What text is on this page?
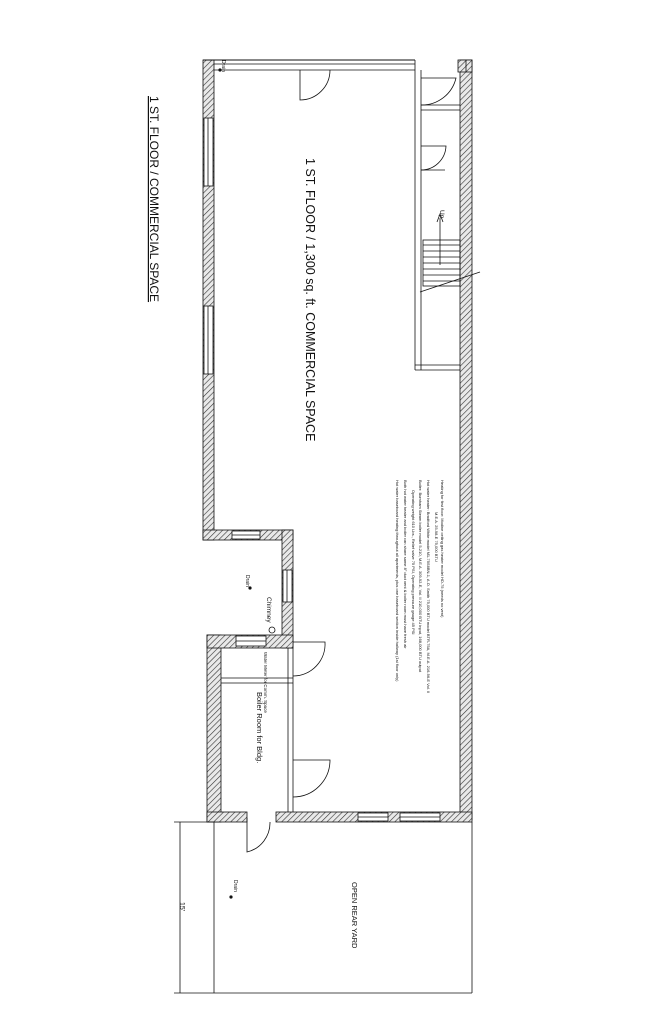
1 ST. FLOOR / COMMERCIAL SPACE	1 ST. FLOOR / 1,300 sq. ft. COMMERCIAL SPACE
Water Meter for Comm. Space
Boiler Room for Bldg.
OPEN REAR YARD
Drain
Drain
Drain
Chimney
Up
15'
Heating for first floor: Modine ceiling gas heater model HD-75 (needs no vent)
M.E.A. 25-98-E 75,000 BTU
Hot water heater: Bradford White model M1-75S6BN-1, A.O. Smith 75,000 BTU model BTR-75A, M.E.A. 216-96-E Vol. II
Boiler: Burnham Steam boiler model 5-210, M.E.A. 309-92-E, Vol. II 210,000 BTU input, 168,000 BTU output
Operating weight 610 Lbs., Relief valve 75 PSI, Operating pressure gauge 45 PSI
Both hot water heater and boiler can share same 8" duct vent & boiler room must have fresh air
Hot water baseboard heating throughout all apartments, plus one baseboard section inside hallway (1st floor only)
